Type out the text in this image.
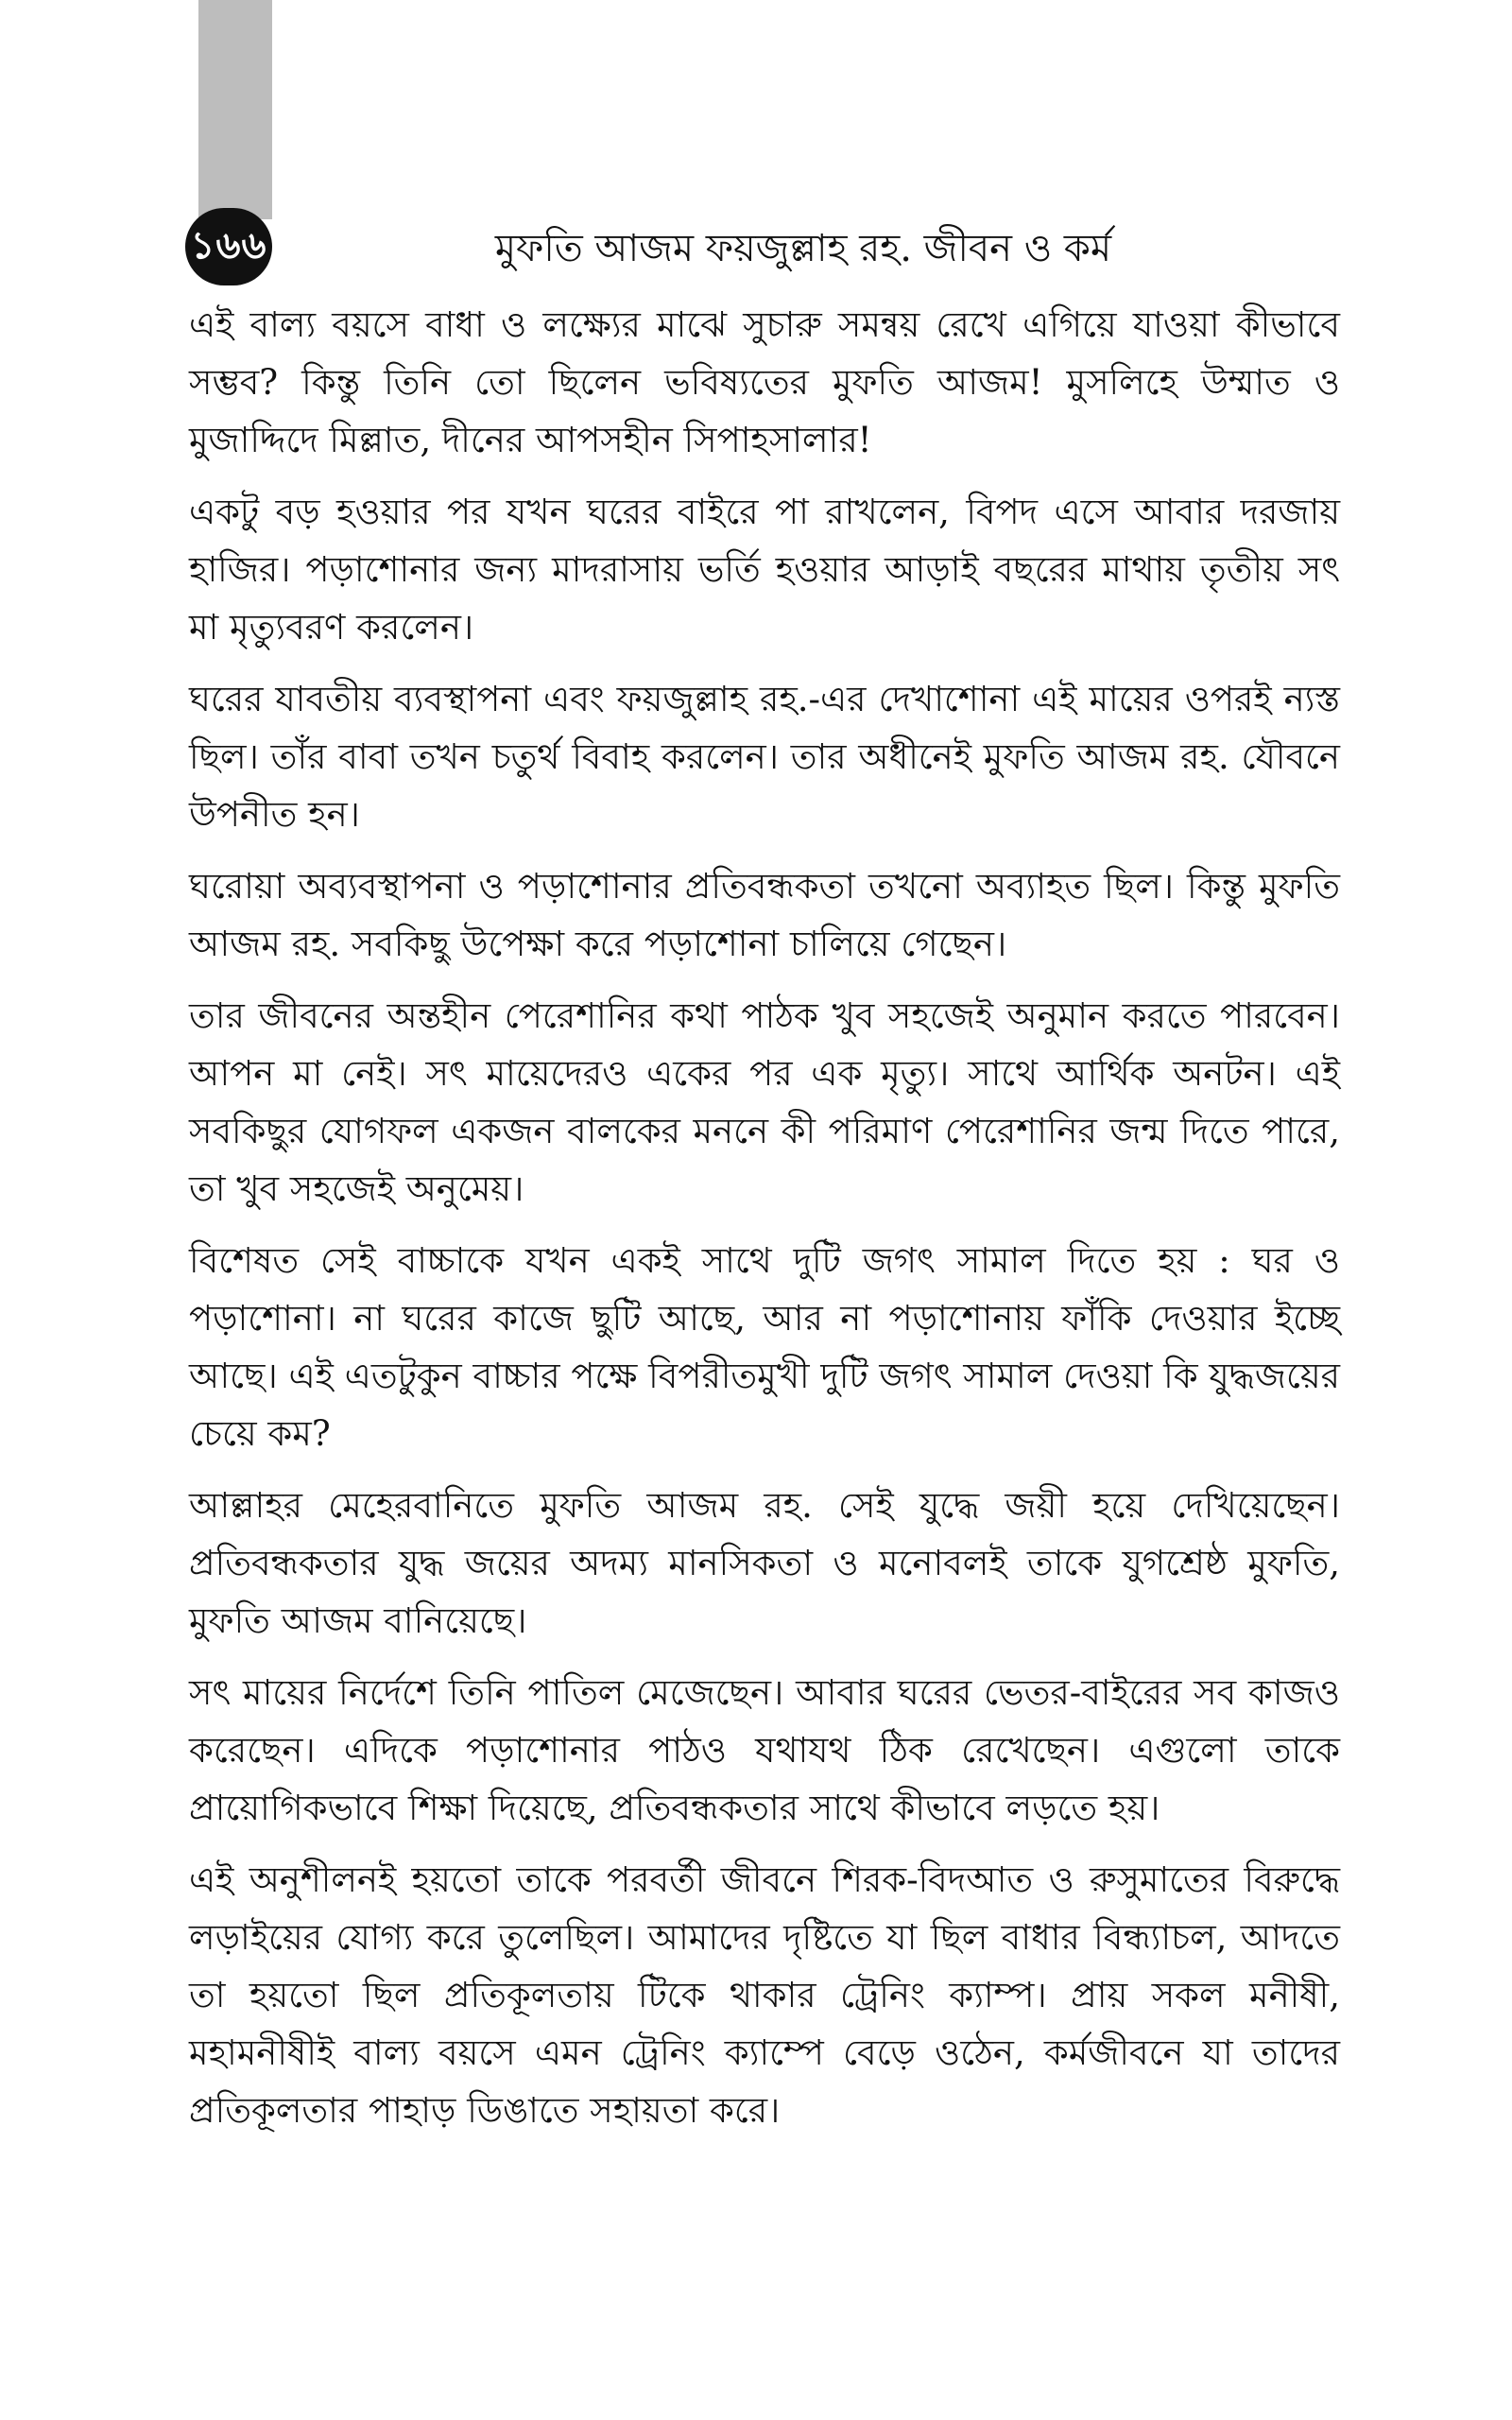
১৬৬	মুফতি আজম ফয়জুল্লাহ রহ. জীবন ও কর্ম

এই বাল্য বয়সে বাধা ও লক্ষ্যের মাঝে সুচারু সমন্বয় রেখে এগিয়ে যাওয়া কীভাবে সম্ভব? কিন্তু তিনি তো ছিলেন ভবিষ্যতের মুফতি আজম! মুসলিহে উম্মাত ও মুজাদ্দিদে মিল্লাত, দীনের আপসহীন সিপাহসালার!

একটু বড় হওয়ার পর যখন ঘরের বাইরে পা রাখলেন, বিপদ এসে আবার দরজায় হাজির। পড়াশোনার জন্য মাদরাসায় ভর্তি হওয়ার আড়াই বছরের মাথায় তৃতীয় সৎ মা মৃত্যুবরণ করলেন।

ঘরের যাবতীয় ব্যবস্থাপনা এবং ফয়জুল্লাহ রহ.-এর দেখাশোনা এই মায়ের ওপরই ন্যস্ত ছিল। তাঁর বাবা তখন চতুর্থ বিবাহ করলেন। তার অধীনেই মুফতি আজম রহ. যৌবনে উপনীত হন।

ঘরোয়া অব্যবস্থাপনা ও পড়াশোনার প্রতিবন্ধকতা তখনো অব্যাহত ছিল। কিন্তু মুফতি আজম রহ. সবকিছু উপেক্ষা করে পড়াশোনা চালিয়ে গেছেন।

তার জীবনের অন্তহীন পেরেশানির কথা পাঠক খুব সহজেই অনুমান করতে পারবেন। আপন মা নেই। সৎ মায়েদেরও একের পর এক মৃত্যু। সাথে আর্থিক অনটন। এই সবকিছুর যোগফল একজন বালকের মননে কী পরিমাণ পেরেশানির জন্ম দিতে পারে, তা খুব সহজেই অনুমেয়।

বিশেষত সেই বাচ্চাকে যখন একই সাথে দুটি জগৎ সামাল দিতে হয় : ঘর ও পড়াশোনা। না ঘরের কাজে ছুটি আছে, আর না পড়াশোনায় ফাঁকি দেওয়ার ইচ্ছে আছে। এই এতটুকুন বাচ্চার পক্ষে বিপরীতমুখী দুটি জগৎ সামাল দেওয়া কি যুদ্ধজয়ের চেয়ে কম?

আল্লাহর মেহেরবানিতে মুফতি আজম রহ. সেই যুদ্ধে জয়ী হয়ে দেখিয়েছেন। প্রতিবন্ধকতার যুদ্ধ জয়ের অদম্য মানসিকতা ও মনোবলই তাকে যুগশ্রেষ্ঠ মুফতি, মুফতি আজম বানিয়েছে।

সৎ মায়ের নির্দেশে তিনি পাতিল মেজেছেন। আবার ঘরের ভেতর-বাইরের সব কাজও করেছেন। এদিকে পড়াশোনার পাঠও যথাযথ ঠিক রেখেছেন। এগুলো তাকে প্রায়োগিকভাবে শিক্ষা দিয়েছে, প্রতিবন্ধকতার সাথে কীভাবে লড়তে হয়।

এই অনুশীলনই হয়তো তাকে পরবর্তী জীবনে শিরক-বিদআত ও রুসুমাতের বিরুদ্ধে লড়াইয়ের যোগ্য করে তুলেছিল। আমাদের দৃষ্টিতে যা ছিল বাধার বিন্ধ্যাচল, আদতে তা হয়তো ছিল প্রতিকূলতায় টিকে থাকার ট্রেনিং ক্যাম্প। প্রায় সকল মনীষী, মহামনীষীই বাল্য বয়সে এমন ট্রেনিং ক্যাম্পে বেড়ে ওঠেন, কর্মজীবনে যা তাদের প্রতিকূলতার পাহাড় ডিঙাতে সহায়তা করে।
